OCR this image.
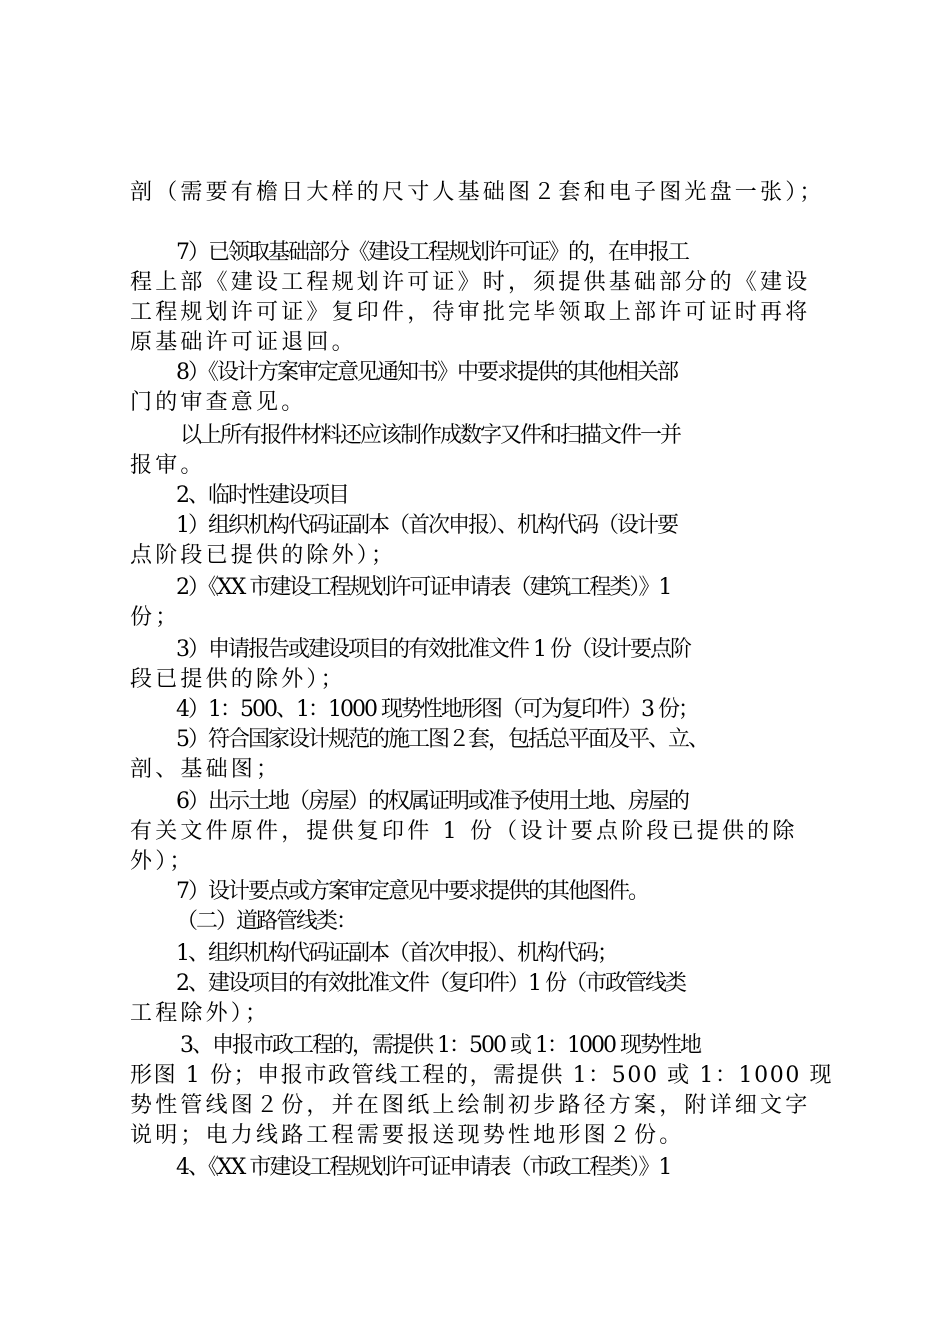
剖（需要有檐日大样的尺寸人基础图２套和电子图光盘一张）；
7）已领取基础部分《建设工程规划许可证》的，在申报工
程上部《建设工程规划许可证》时，须提供基础部分的《建设
工程规划许可证》复印件，待审批完毕领取上部许可证时再将
原基础许可证退回。
8）《设计方案审定意见通知书》中要求提供的其他相关部
门的审查意见。
以上所有报件材料还应该制作成数字又件和扫描文件一并
报审。
2、临时性建设项目
1）组织机构代码证副本（首次申报）、机构代码（设计要
点阶段已提供的除外）；
2）《XX 市建设工程规划许可证申请表（建筑工程类）》1
份；
3）申请报告或建设项目的有效批准文件 1 份（设计要点阶
段已提供的除外）；
4）1：500、1：1000 现势性地形图（可为复印件）3 份；
5）符合国家设计规范的施工图２套，包括总平面及平、立、
剖、基础图；
6）出示土地（房屋）的权属证明或准予使用土地、房屋的
有关文件原件，提供复印件 1 份（设计要点阶段已提供的除
外）；
7）设计要点或方案审定意见中要求提供的其他图件。
（二）道路管线类：
1、组织机构代码证副本（首次申报）、机构代码；
2、建设项目的有效批准文件（复印件）1 份（市政管线类
工程除外）；
3、申报市政工程的，需提供 1：500 或 1：1000 现势性地
形图 1 份；申报市政管线工程的，需提供 1：500 或 1：1000 现
势性管线图２份，并在图纸上绘制初步路径方案，附详细文字
说明；电力线路工程需要报送现势性地形图２份。
4、《XX 市建设工程规划许可证申请表（市政工程类）》1
